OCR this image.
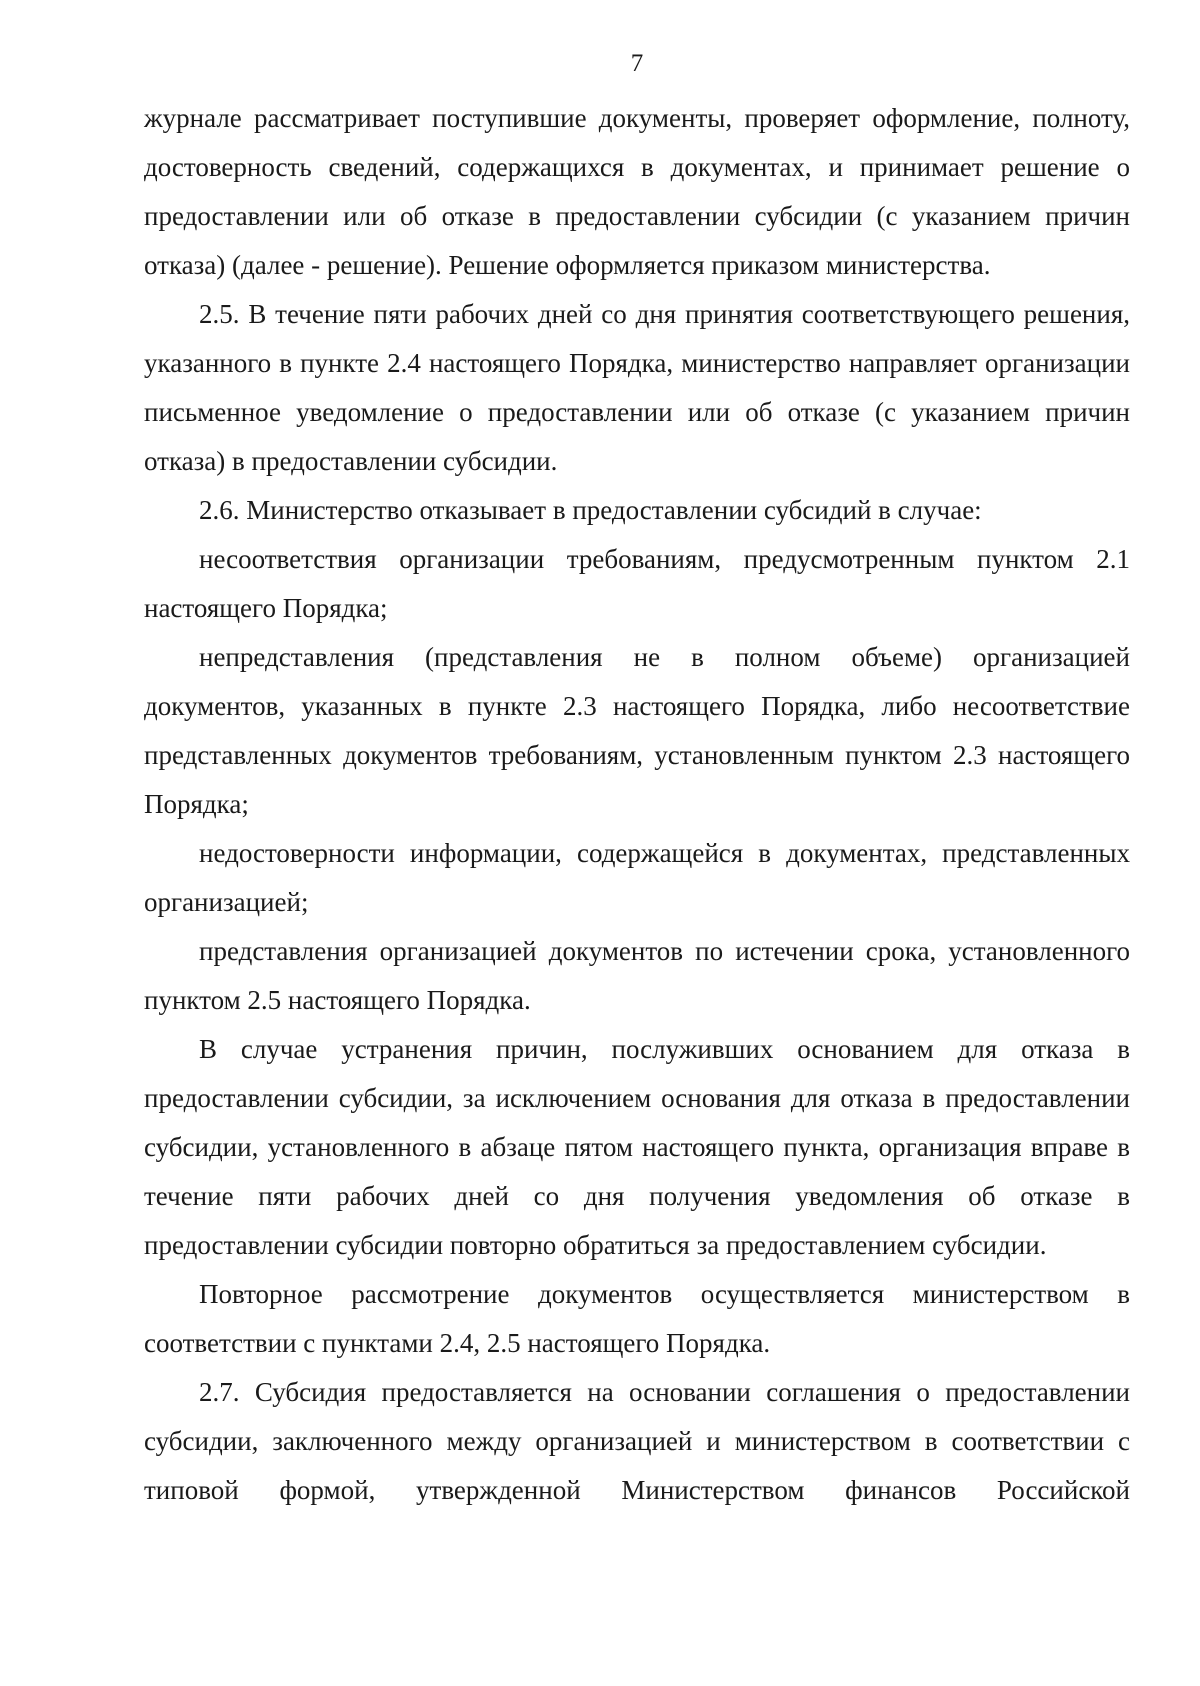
7

журнале рассматривает поступившие документы, проверяет оформление, полноту, достоверность сведений, содержащихся в документах, и принимает решение о предоставлении или об отказе в предоставлении субсидии (с указанием причин отказа) (далее - решение). Решение оформляется приказом министерства.

2.5. В течение пяти рабочих дней со дня принятия соответствующего решения, указанного в пункте 2.4 настоящего Порядка, министерство направляет организации письменное уведомление о предоставлении или об отказе (с указанием причин отказа) в предоставлении субсидии.

2.6. Министерство отказывает в предоставлении субсидий в случае:

несоответствия организации требованиям, предусмотренным пунктом 2.1 настоящего Порядка;

непредставления (представления не в полном объеме) организацией документов, указанных в пункте 2.3 настоящего Порядка, либо несоответствие представленных документов требованиям, установленным пунктом 2.3 настоящего Порядка;

недостоверности информации, содержащейся в документах, представленных организацией;

представления организацией документов по истечении срока, установленного пунктом 2.5 настоящего Порядка.

В случае устранения причин, послуживших основанием для отказа в предоставлении субсидии, за исключением основания для отказа в предоставлении субсидии, установленного в абзаце пятом настоящего пункта, организация вправе в течение пяти рабочих дней со дня получения уведомления об отказе в предоставлении субсидии повторно обратиться за предоставлением субсидии.

Повторное рассмотрение документов осуществляется министерством в соответствии с пунктами 2.4, 2.5 настоящего Порядка.

2.7. Субсидия предоставляется на основании соглашения о предоставлении субсидии, заключенного между организацией и министерством в соответствии с типовой формой, утвержденной Министерством финансов Российской
